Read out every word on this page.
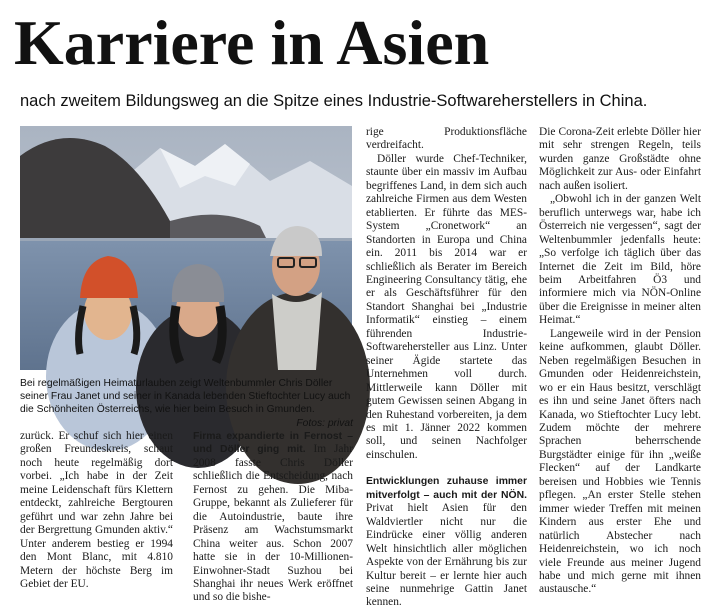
Karriere in Asien
nach zweitem Bildungsweg an die Spitze eines Industrie-Softwareherstellers in China.
Bei regelmäßigen Heimaturlauben zeigt Weltenbummler Chris Döller seiner Frau Janet und seiner in Kanada lebenden Stieftochter Lucy auch die Schönheiten Österreichs, wie hier beim Besuch in Gmunden.
Fotos: privat

zurück. Er schuf sich hier einen großen Freundeskreis, schaut noch heute regelmäßig dort vorbei. „Ich habe in der Zeit meine Leidenschaft fürs Klettern entdeckt, zahlreiche Bergtouren geführt und war zehn Jahre bei der Bergrettung Gmunden aktiv.“ Unter anderem bestieg er 1994 den Mont Blanc, mit 4.810 Metern der höchste Berg im Gebiet der EU.

Firma expandierte in Fernost – und Döller ging mit. Im Jahr 2008 fasste Chris Döller schließlich die Entscheidung, nach Fernost zu gehen. Die Miba-Gruppe, bekannt als Zulieferer für die Autoindustrie, baute ihre Präsenz am Wachstumsmarkt China weiter aus. Schon 2007 hatte sie in der 10-Millionen-Einwohner-Stadt Suzhou bei Shanghai ihr neues Werk eröffnet und so die bishe-

rige Produktionsfläche verdreifacht.

Döller wurde Chef-Techniker, staunte über ein massiv im Aufbau begriffenes Land, in dem sich auch zahlreiche Firmen aus dem Westen etablierten. Er führte das MES-System „Cronetwork“ an Standorten in Europa und China ein. 2011 bis 2014 war er schließlich als Berater im Bereich Engineering Consultancy tätig, ehe er als Geschäftsführer für den Standort Shanghai bei „Industrie Informatik“ einstieg – einem führenden Industrie-Softwarehersteller aus Linz. Unter seiner Ägide startete das Unternehmen voll durch. Mittlerweile kann Döller mit gutem Gewissen seinen Abgang in den Ruhestand vorbereiten, ja dem es mit 1. Jänner 2022 kommen soll, und seinen Nachfolger einschulen.

Entwicklungen zuhause immer mitverfolgt – auch mit der NÖN. Privat hielt Asien für den Waldviertler nicht nur die Eindrücke einer völlig anderen Welt hinsichtlich aller möglichen Aspekte von der Ernährung bis zur Kultur bereit – er lernte hier auch seine nunmehrige Gattin Janet kennen.

Die Corona-Zeit erlebte Döller hier mit sehr strengen Regeln, teils wurden ganze Großstädte ohne Möglichkeit zur Aus- oder Einfahrt nach außen isoliert.

„Obwohl ich in der ganzen Welt beruflich unterwegs war, habe ich Österreich nie vergessen“, sagt der Weltenbummler jedenfalls heute: „So verfolge ich täglich über das Internet die Zeit im Bild, höre beim Arbeitfahren Ö3 und informiere mich via NÖN-Online über die Ereignisse in meiner alten Heimat.“

Langeweile wird in der Pension keine aufkommen, glaubt Döller. Neben regelmäßigen Besuchen in Gmunden oder Heidenreichstein, wo er ein Haus besitzt, verschlägt es ihn und seine Janet öfters nach Kanada, wo Stieftochter Lucy lebt. Zudem möchte der mehrere Sprachen beherrschende Burgstädter einige für ihn „weiße Flecken“ auf der Landkarte bereisen und Hobbies wie Tennis pflegen. „An erster Stelle stehen immer wieder Treffen mit meinen Kindern aus erster Ehe und natürlich Abstecher nach Heidenreichstein, wo ich noch viele Freunde aus meiner Jugend habe und mich gerne mit ihnen austausche.“
